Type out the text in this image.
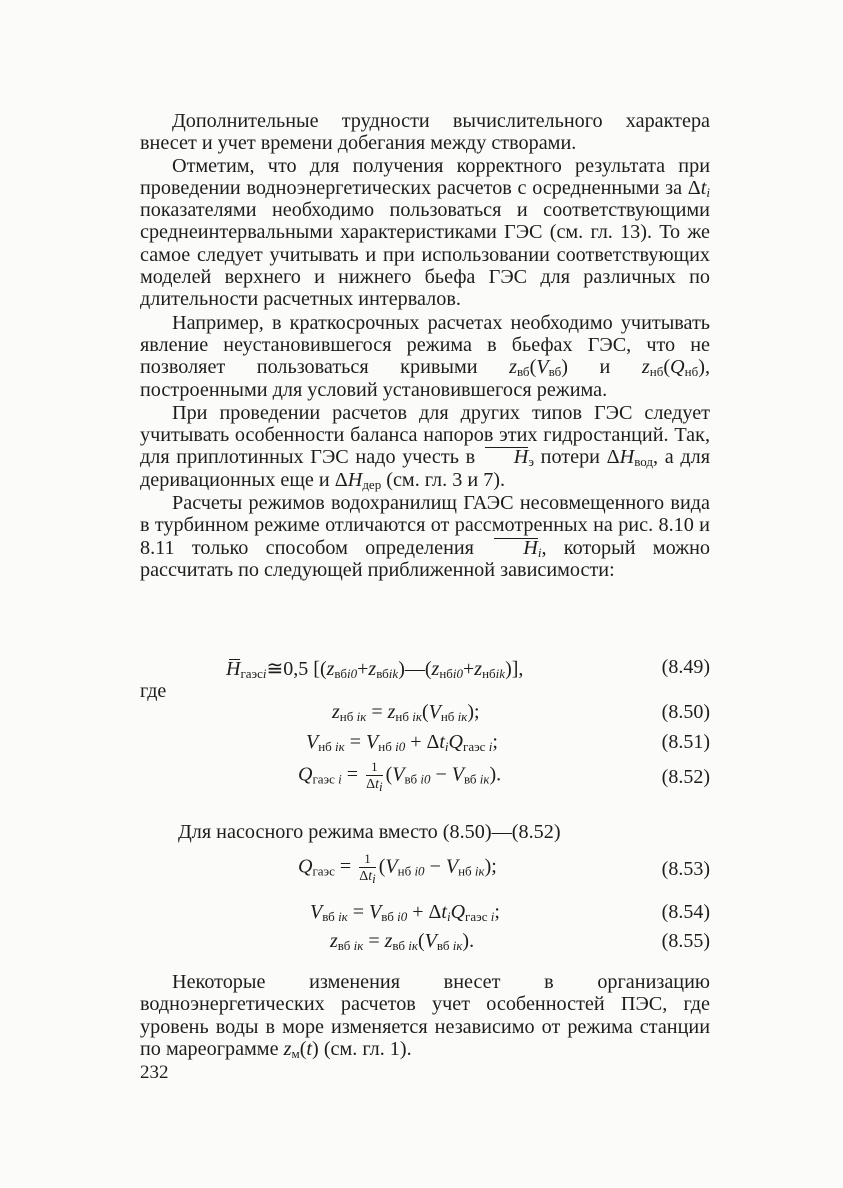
Дополнительные трудности вычислительного характера внесет и учет времени добегания между створами.

Отметим, что для получения корректного результата при проведении водноэнергетических расчетов с осредненными за $\Delta t_i$ показателями необходимо пользоваться и соответствующими среднеинтервальными характеристиками ГЭС (см. гл. 13). То же самое следует учитывать и при использовании соответствующих моделей верхнего и нижнего бьефа ГЭС для различных по длительности расчетных интервалов.

Например, в краткосрочных расчетах необходимо учитывать явление неустановившегося режима в бьефах ГЭС, что не позволяет пользоваться кривыми $z_{вб}(V_{вб})$ и $z_{нб}(Q_{нб})$, построенными для условий установившегося режима.

При проведении расчетов для других типов ГЭС следует учитывать особенности баланса напоров этих гидростанций. Так, для приплотинных ГЭС надо учесть в $H_э$ потери $\Delta H_{вод}$, а для деривационных еще и $\Delta H_{дер}$ (см. гл. 3 и 7).

Расчеты режимов водохранилищ ГАЭС несовмещенного вида в турбинном режиме отличаются от рассмотренных на рис. 8.10 и 8.11 только способом определения $H_i$, который можно рассчитать по следующей приближенной зависимости:

$H_{гаэсi}≅0,5$ $[(z_{вбi0}+z_{вбik})—(z_{нбi0}+z_{нбik})]$,	(8.49)
где
$z_{нб iк} = z_{нб iк}(V_{нб iк})$;	(8.50)
$V_{нб iк} = V_{нб i0} + \Delta t_iQ_{гаэс i}$;	(8.51)
$Q_{гаэс i} = \frac{1}{\Delta t_i} (V_{вб i0} - V_{вб iк})$.	(8.52)
Для насосного режима вместо (8.50)—(8.52)
$Q_{гаэс} = \frac{1}{\Delta t_i} (V_{нб i0} - V_{нб iк})$;	(8.53)
$V_{вб iк} = V_{вб i0} + \Delta t_iQ_{гаэс i}$;	(8.54)
$z_{вб iк} = z_{вб iк}(V_{вб iк})$.	(8.55)

Некоторые изменения внесет в организацию водноэнергетических расчетов учет особенностей ПЭС, где уровень воды в море изменяется независимо от режима станции по мареограмме $z_м(t)$ (см. гл. 1).

232
